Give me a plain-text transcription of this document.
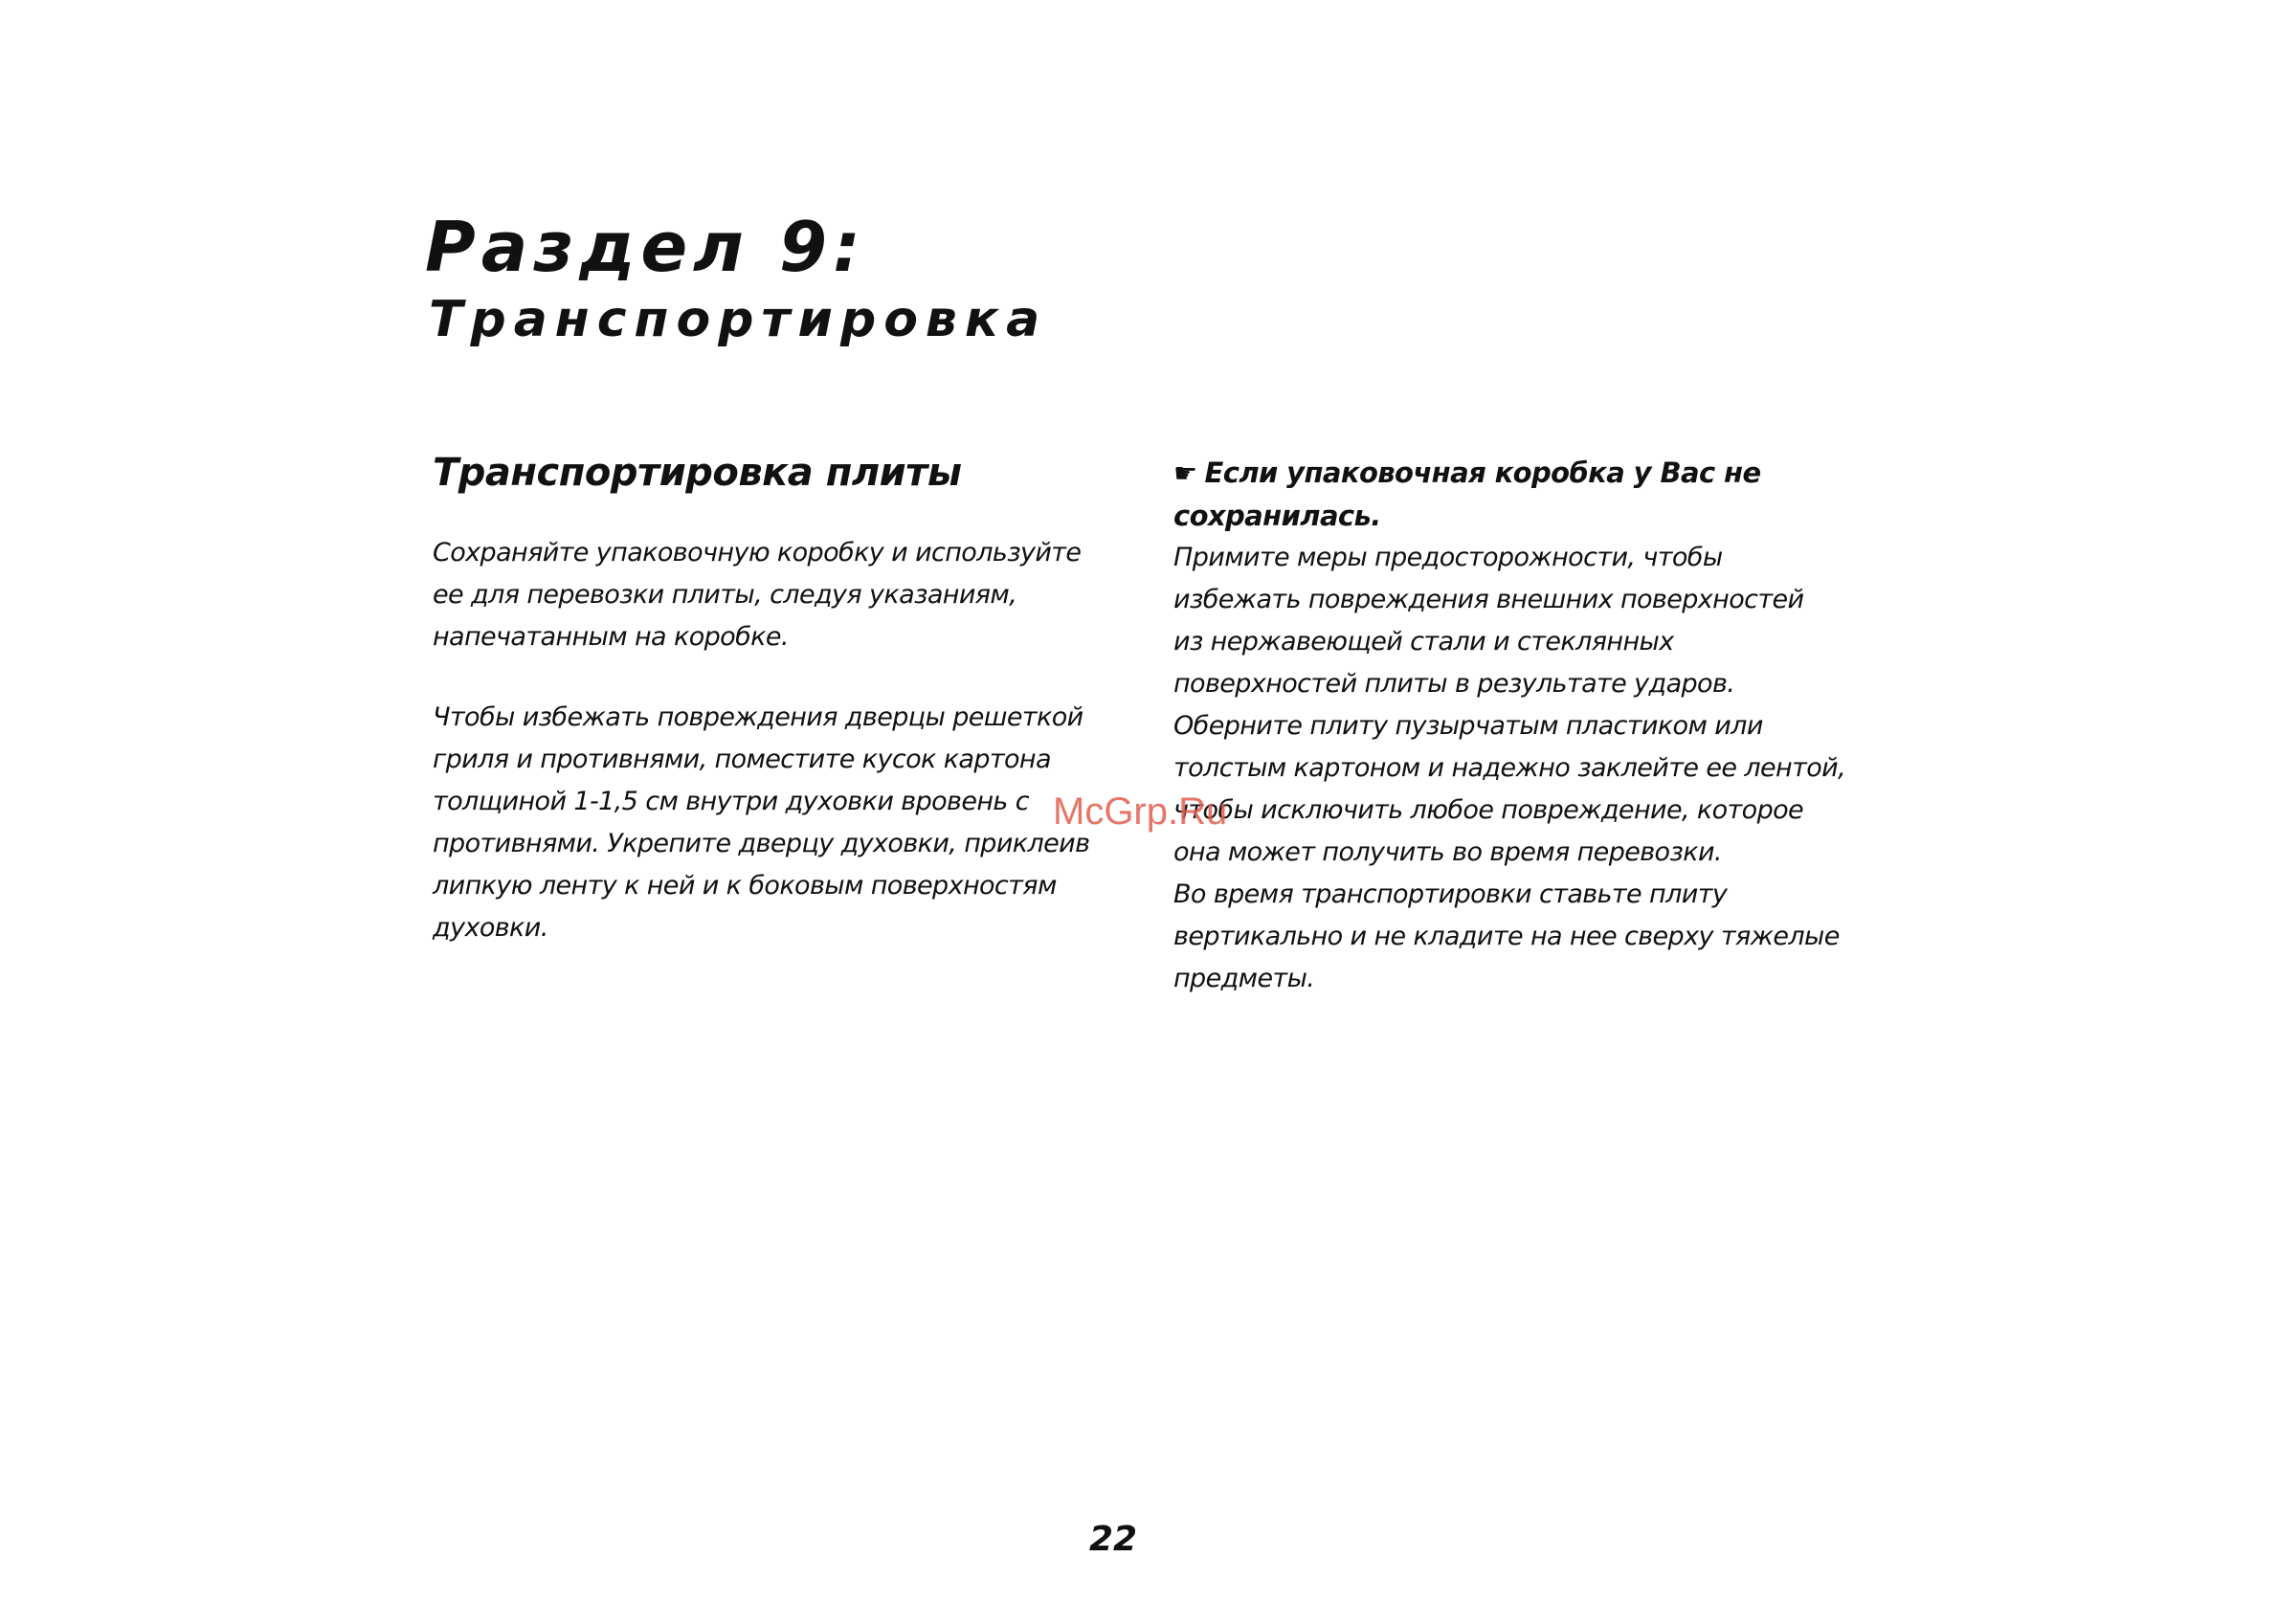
Раздел 9:
Транспортировка
Транспортировка плиты
Сохраняйте упаковочную коробку и используйте
ее для перевозки плиты, следуя указаниям,
напечатанным на коробке.
Чтобы избежать повреждения дверцы решеткой
гриля и противнями, поместите кусок картона
толщиной 1-1,5 см внутри духовки вровень с
противнями. Укрепите дверцу духовки, приклеив
липкую ленту к ней и к боковым поверхностям
духовки.
☛ Если упаковочная коробка у Вас не
сохранилась.
Примите меры предосторожности, чтобы
избежать повреждения внешних поверхностей
из нержавеющей стали и стеклянных
поверхностей плиты в результате ударов.
Оберните плиту пузырчатым пластиком или
толстым картоном и надежно заклейте ее лентой,
чтобы исключить любое повреждение, которое
она может получить во время перевозки.
Во время транспортировки ставьте плиту
вертикально и не кладите на нее сверху тяжелые
предметы.
McGrp.Ru
22
